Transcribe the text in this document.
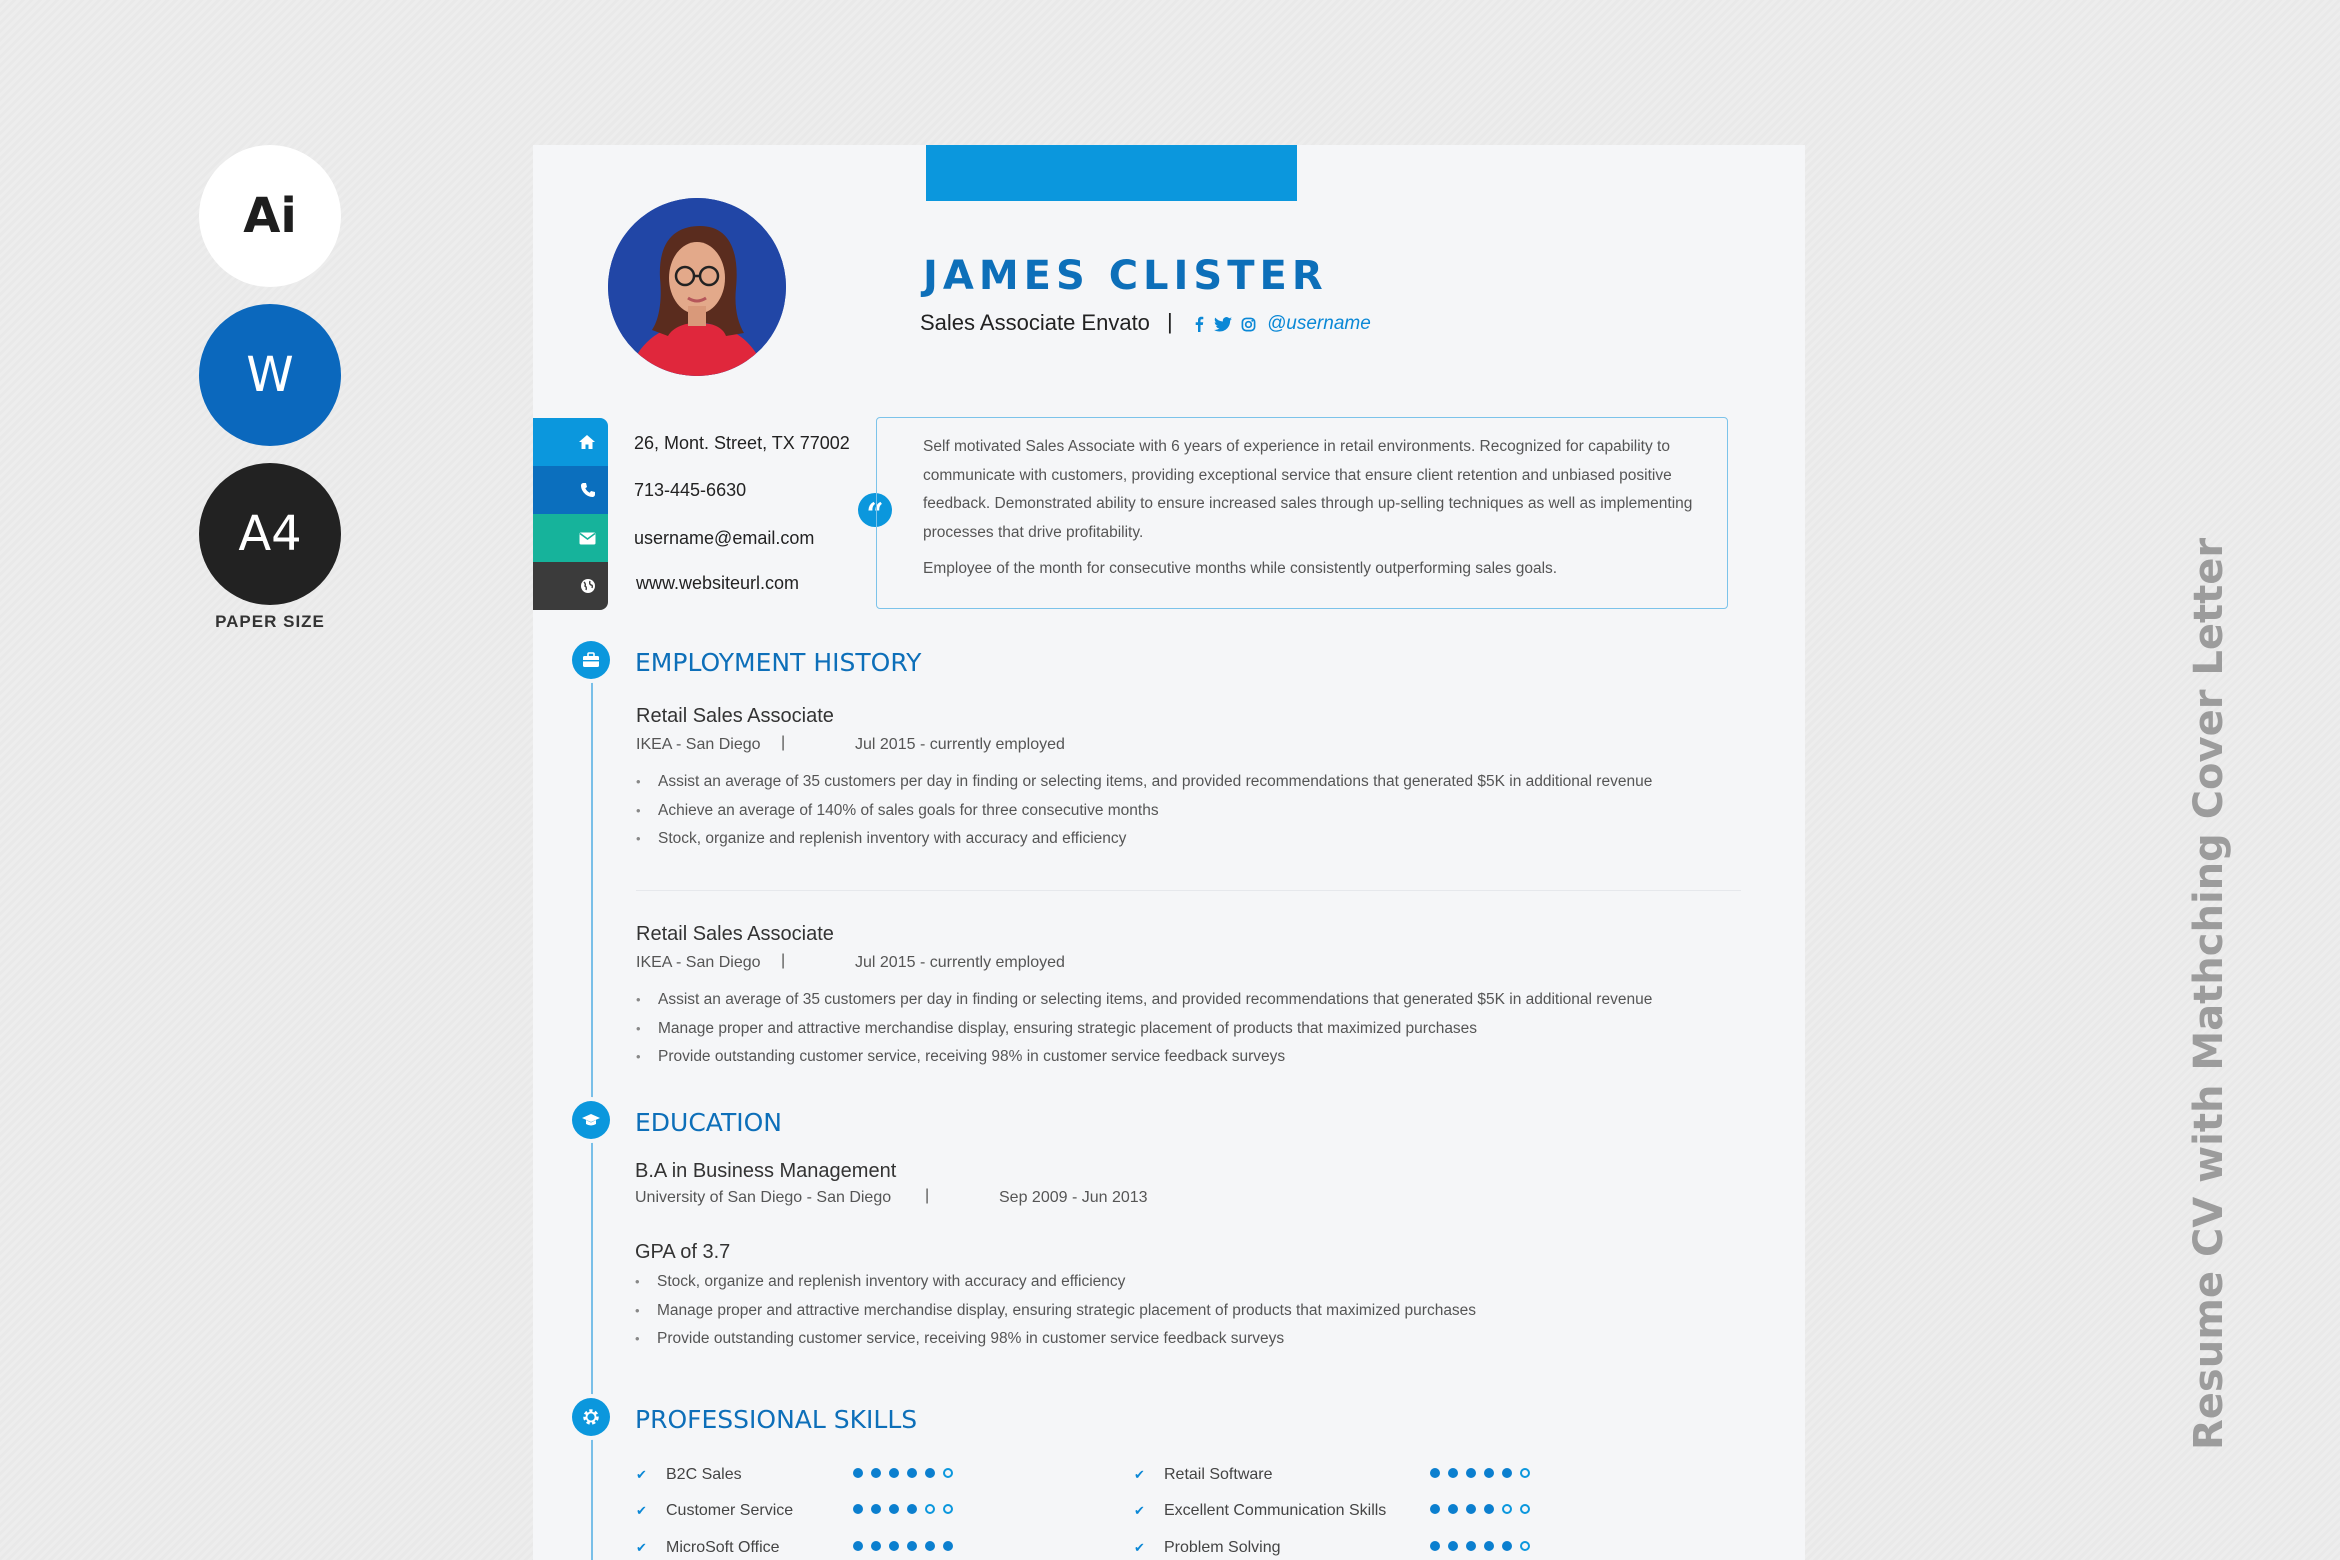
Ai
W
A4
PAPER SIZE	Resume CV with Mathching Cover Letter
JAMES CLISTER
Sales Associate Envato |	@username
26, Mont. Street, TX 77002
713-445-6630
username@email.com
www.websiteurl.com
“

Self motivated Sales Associate with 6 years of experience in retail environments. Recognized for capability to communicate with customers, providing exceptional service that ensure client retention and unbiased positive feedback. Demonstrated ability to ensure increased sales through up-selling techniques as well as implementing processes that drive profitability.

Employee of the month for consecutive months while consistently outperforming sales goals.

EMPLOYMENT HISTORY
Retail Sales Associate
IKEA - San Diego |	Jul 2015 - currently employed
• Assist an average of 35 customers per day in finding or selecting items, and provided recommendations that generated $5K in additional revenue
• Achieve an average of 140% of sales goals for three consecutive months
• Stock, organize and replenish inventory with accuracy and efficiency
Retail Sales Associate
IKEA - San Diego |	Jul 2015 - currently employed
• Assist an average of 35 customers per day in finding or selecting items, and provided recommendations that generated $5K in additional revenue
• Manage proper and attractive merchandise display, ensuring strategic placement of products that maximized purchases
• Provide outstanding customer service, receiving 98% in customer service feedback surveys
EDUCATION
B.A in Business Management
University of San Diego - San Diego |	Sep 2009 - Jun 2013
GPA of 3.7
• Stock, organize and replenish inventory with accuracy and efficiency
• Manage proper and attractive merchandise display, ensuring strategic placement of products that maximized purchases
• Provide outstanding customer service, receiving 98% in customer service feedback surveys
PROFESSIONAL SKILLS
✔	B2C Sales
✔	Customer Service
✔	MicroSoft Office
✔	Retail Software
✔	Excellent Communication Skills
✔	Problem Solving
